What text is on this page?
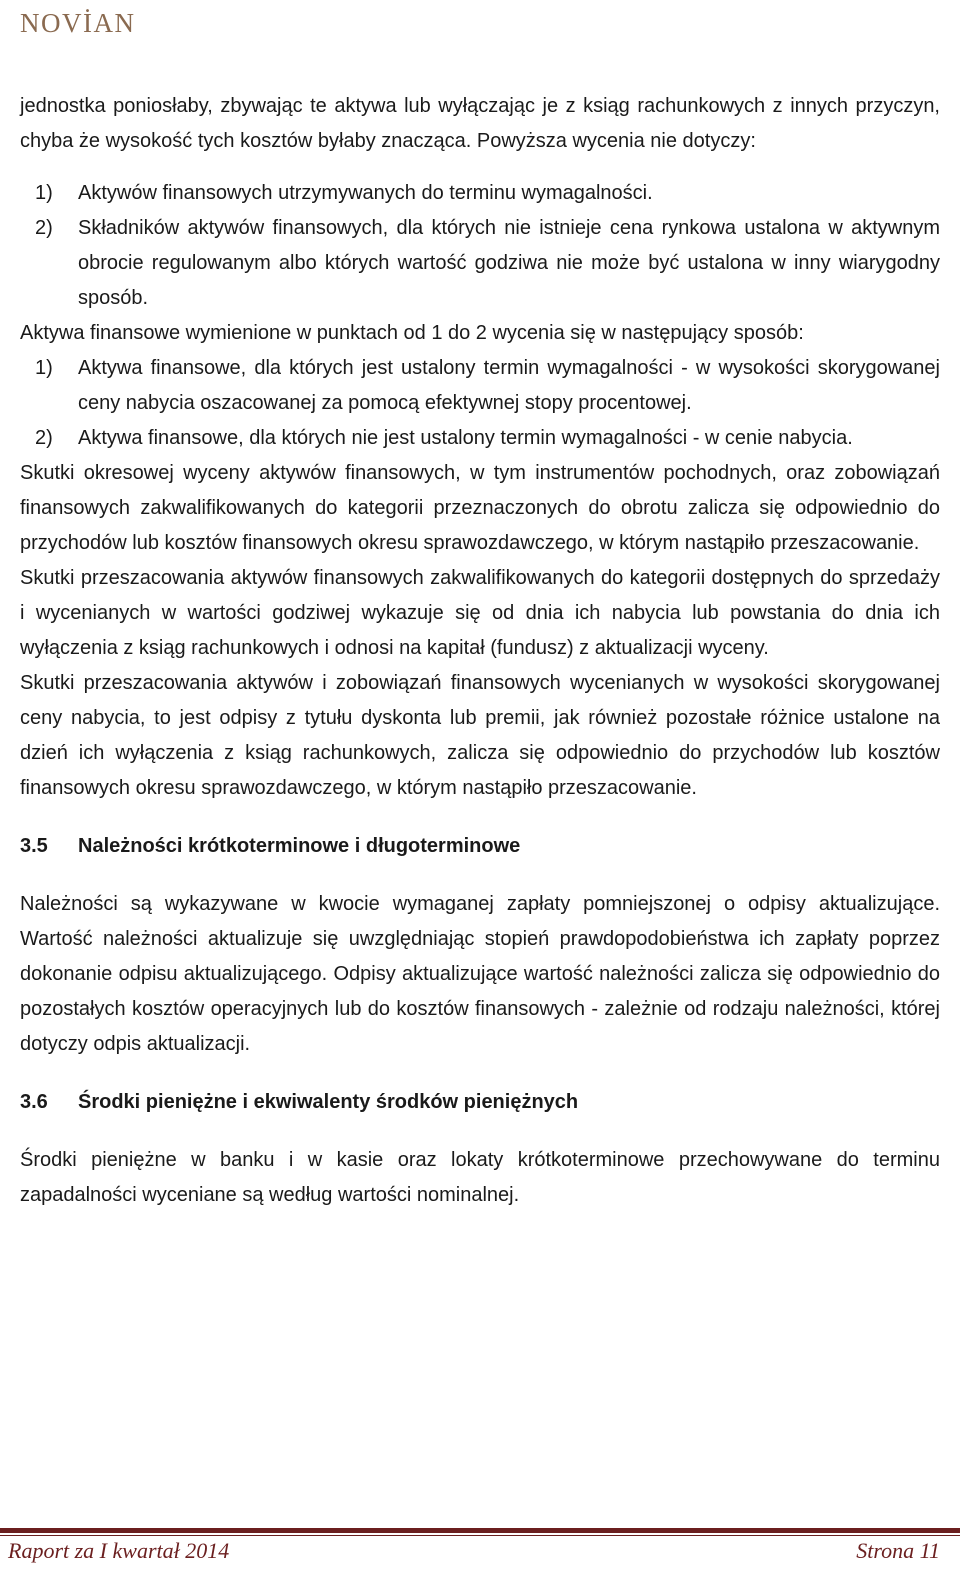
NOVİAN

jednostka poniosłaby, zbywając te aktywa lub wyłączając je z ksiąg rachunkowych z innych przyczyn, chyba że wysokość tych kosztów byłaby znacząca. Powyższa wycenia nie dotyczy:

1) Aktywów finansowych utrzymywanych do terminu wymagalności.

2) Składników aktywów finansowych, dla których nie istnieje cena rynkowa ustalona w aktywnym obrocie regulowanym albo których wartość godziwa nie może być ustalona w inny wiarygodny sposób.

Aktywa finansowe wymienione w punktach od 1 do 2 wycenia się w następujący sposób:

1) Aktywa finansowe, dla których jest ustalony termin wymagalności - w wysokości skorygowanej ceny nabycia oszacowanej za pomocą efektywnej stopy procentowej.

2) Aktywa finansowe, dla których nie jest ustalony termin wymagalności - w cenie nabycia.

Skutki okresowej wyceny aktywów finansowych, w tym instrumentów pochodnych, oraz zobowiązań finansowych zakwalifikowanych do kategorii przeznaczonych do obrotu zalicza się odpowiednio do przychodów lub kosztów finansowych okresu sprawozdawczego, w którym nastąpiło przeszacowanie.

Skutki przeszacowania aktywów finansowych zakwalifikowanych do kategorii dostępnych do sprzedaży i wycenianych w wartości godziwej wykazuje się od dnia ich nabycia lub powstania do dnia ich wyłączenia z ksiąg rachunkowych i odnosi na kapitał (fundusz) z aktualizacji wyceny.

Skutki przeszacowania aktywów i zobowiązań finansowych wycenianych w wysokości skorygowanej ceny nabycia, to jest odpisy z tytułu dyskonta lub premii, jak również pozostałe różnice ustalone na dzień ich wyłączenia z ksiąg rachunkowych, zalicza się odpowiednio do przychodów lub kosztów finansowych okresu sprawozdawczego, w którym nastąpiło przeszacowanie.

3.5	Należności krótkoterminowe i długoterminowe

Należności są wykazywane w kwocie wymaganej zapłaty pomniejszonej o odpisy aktualizujące. Wartość należności aktualizuje się uwzględniając stopień prawdopodobieństwa ich zapłaty poprzez dokonanie odpisu aktualizującego. Odpisy aktualizujące wartość należności zalicza się odpowiednio do pozostałych kosztów operacyjnych lub do kosztów finansowych - zależnie od rodzaju należności, której dotyczy odpis aktualizacji.

3.6	Środki pieniężne i ekwiwalenty środków pieniężnych

Środki pieniężne w banku i w kasie oraz lokaty krótkoterminowe przechowywane do terminu zapadalności wyceniane są według wartości nominalnej.

Raport za I kwartał 2014	Strona 11
